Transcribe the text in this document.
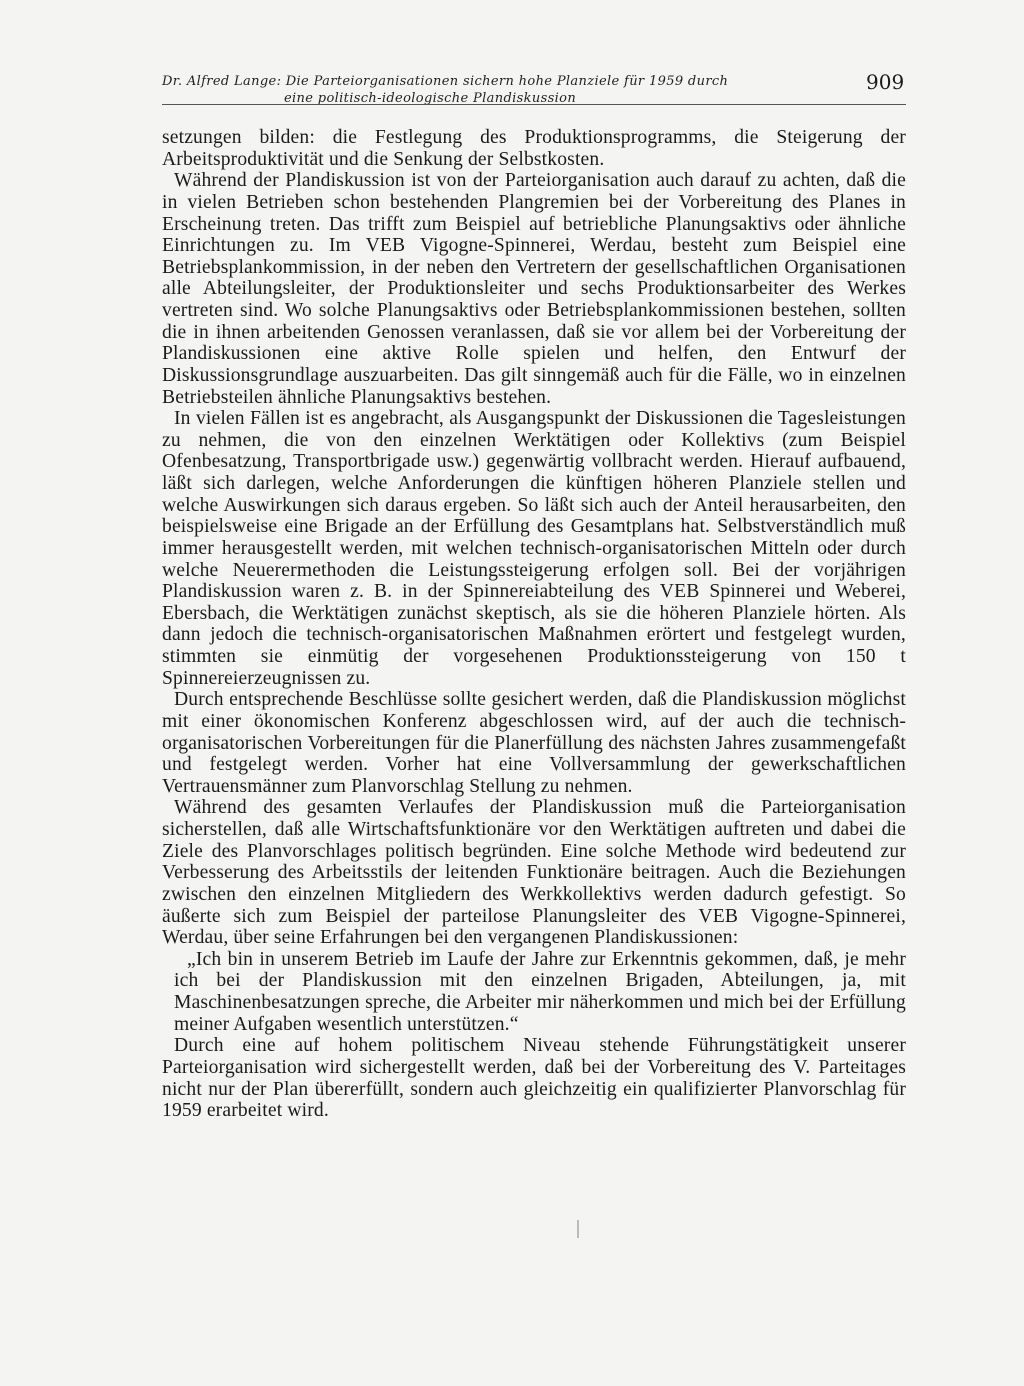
Dr. Alfred Lange: Die Parteiorganisationen sichern hohe Planziele für 1959 durch
eine politisch-ideologische Plandiskussion
909

setzungen bilden: die Festlegung des Produktionsprogramms, die Steigerung der Arbeitsproduktivität und die Senkung der Selbstkosten.

Während der Plandiskussion ist von der Parteiorganisation auch darauf zu achten, daß die in vielen Betrieben schon bestehenden Plangremien bei der Vorbereitung des Planes in Erscheinung treten. Das trifft zum Beispiel auf betriebliche Planungsaktivs oder ähnliche Einrichtungen zu. Im VEB Vigogne-Spinnerei, Werdau, besteht zum Beispiel eine Betriebsplankommission, in der neben den Vertretern der gesellschaftlichen Organisationen alle Abteilungsleiter, der Produktionsleiter und sechs Produktionsarbeiter des Werkes vertreten sind. Wo solche Planungsaktivs oder Betriebsplankommissionen bestehen, sollten die in ihnen arbeitenden Genossen veranlassen, daß sie vor allem bei der Vorbereitung der Plandiskussionen eine aktive Rolle spielen und helfen, den Entwurf der Diskussionsgrundlage auszuarbeiten. Das gilt sinngemäß auch für die Fälle, wo in einzelnen Betriebsteilen ähnliche Planungsaktivs bestehen.

In vielen Fällen ist es angebracht, als Ausgangspunkt der Diskussionen die Tagesleistungen zu nehmen, die von den einzelnen Werktätigen oder Kollektivs (zum Beispiel Ofenbesatzung, Transportbrigade usw.) gegenwärtig vollbracht werden. Hierauf aufbauend, läßt sich darlegen, welche Anforderungen die künftigen höheren Planziele stellen und welche Auswirkungen sich daraus ergeben. So läßt sich auch der Anteil herausarbeiten, den beispielsweise eine Brigade an der Erfüllung des Gesamtplans hat. Selbstverständlich muß immer herausgestellt werden, mit welchen technisch-organisatorischen Mitteln oder durch welche Neuerermethoden die Leistungssteigerung erfolgen soll. Bei der vorjährigen Plandiskussion waren z. B. in der Spinnereiabteilung des VEB Spinnerei und Weberei, Ebersbach, die Werktätigen zunächst skeptisch, als sie die höheren Planziele hörten. Als dann jedoch die technisch-organisatorischen Maßnahmen erörtert und festgelegt wurden, stimmten sie einmütig der vorgesehenen Produktionssteigerung von 150 t Spinnereierzeugnissen zu.

Durch entsprechende Beschlüsse sollte gesichert werden, daß die Plandiskussion möglichst mit einer ökonomischen Konferenz abgeschlossen wird, auf der auch die technisch-organisatorischen Vorbereitungen für die Planerfüllung des nächsten Jahres zusammengefaßt und festgelegt werden. Vorher hat eine Vollversammlung der gewerkschaftlichen Vertrauensmänner zum Planvorschlag Stellung zu nehmen.

Während des gesamten Verlaufes der Plandiskussion muß die Parteiorganisation sicherstellen, daß alle Wirtschaftsfunktionäre vor den Werktätigen auftreten und dabei die Ziele des Planvorschlages politisch begründen. Eine solche Methode wird bedeutend zur Verbesserung des Arbeitsstils der leitenden Funktionäre beitragen. Auch die Beziehungen zwischen den einzelnen Mitgliedern des Werkkollektivs werden dadurch gefestigt. So äußerte sich zum Beispiel der parteilose Planungsleiter des VEB Vigogne-Spinnerei, Werdau, über seine Erfahrungen bei den vergangenen Plandiskussionen:

„Ich bin in unserem Betrieb im Laufe der Jahre zur Erkenntnis gekommen, daß, je mehr ich bei der Plandiskussion mit den einzelnen Brigaden, Abteilungen, ja, mit Maschinenbesatzungen spreche, die Arbeiter mir näherkommen und mich bei der Erfüllung meiner Aufgaben wesentlich unterstützen.“

Durch eine auf hohem politischem Niveau stehende Führungstätigkeit unserer Parteiorganisation wird sichergestellt werden, daß bei der Vorbereitung des V. Parteitages nicht nur der Plan übererfüllt, sondern auch gleichzeitig ein qualifizierter Planvorschlag für 1959 erarbeitet wird.
